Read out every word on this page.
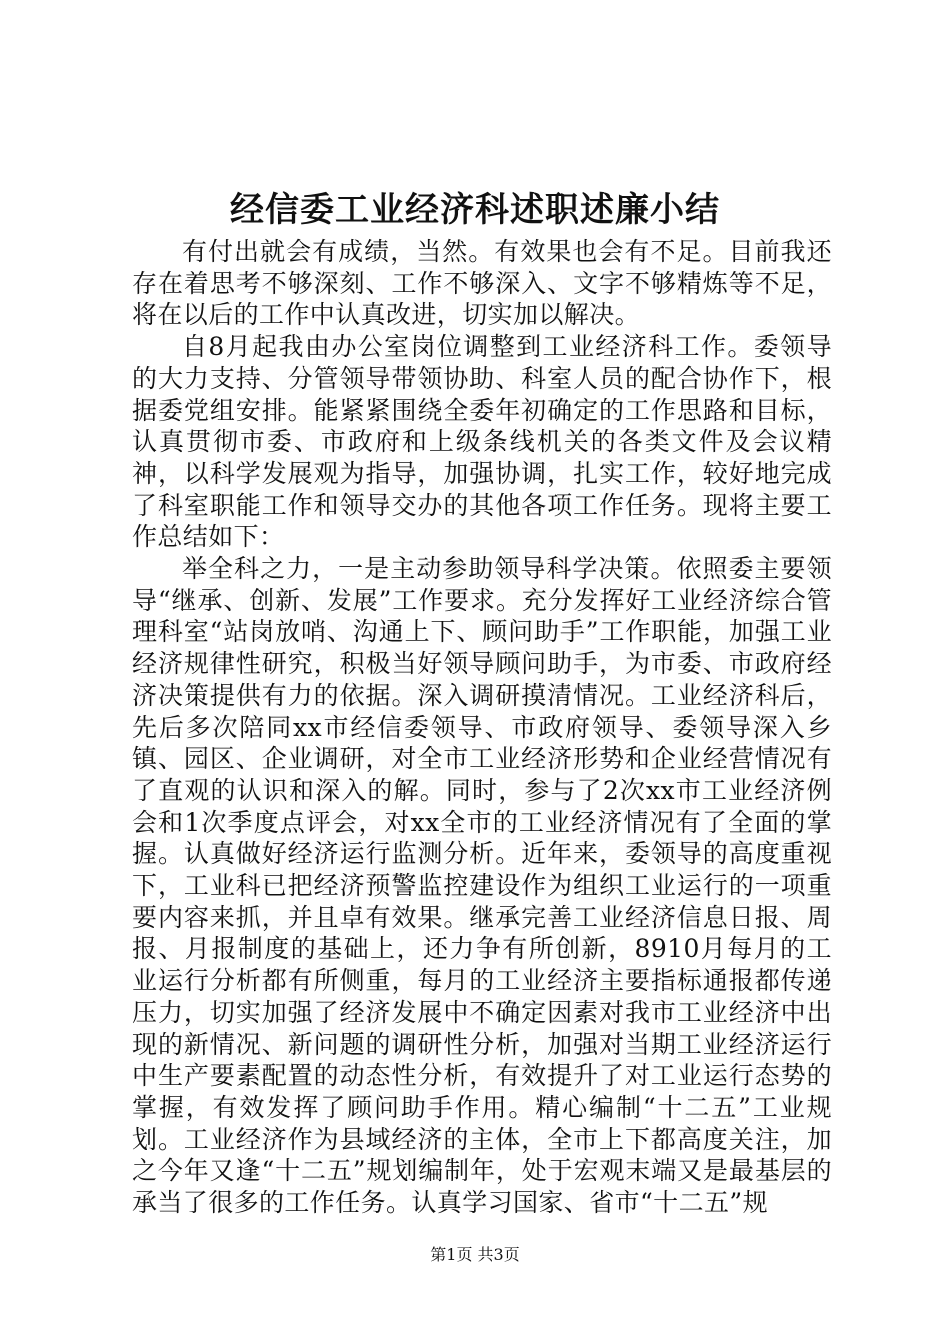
经信委工业经济科述职述廉小结

有付出就会有成绩，当然。有效果也会有不足。目前我还存在着思考不够深刻、工作不够深入、文字不够精炼等不足，将在以后的工作中认真改进，切实加以解决。

自8月起我由办公室岗位调整到工业经济科工作。委领导的大力支持、分管领导带领协助、科室人员的配合协作下，根据委党组安排。能紧紧围绕全委年初确定的工作思路和目标，认真贯彻市委、市政府和上级条线机关的各类文件及会议精神，以科学发展观为指导，加强协调，扎实工作，较好地完成了科室职能工作和领导交办的其他各项工作任务。现将主要工作总结如下：

举全科之力，一是主动参助领导科学决策。依照委主要领导“继承、创新、发展”工作要求。充分发挥好工业经济综合管理科室“站岗放哨、沟通上下、顾问助手”工作职能，加强工业经济规律性研究，积极当好领导顾问助手，为市委、市政府经济决策提供有力的依据。深入调研摸清情况。工业经济科后，先后多次陪同xx市经信委领导、市政府领导、委领导深入乡镇、园区、企业调研，对全市工业经济形势和企业经营情况有了直观的认识和深入的解。同时，参与了2次xx市工业经济例会和1次季度点评会，对xx全市的工业经济情况有了全面的掌握。认真做好经济运行监测分析。近年来，委领导的高度重视下，工业科已把经济预警监控建设作为组织工业运行的一项重要内容来抓，并且卓有效果。继承完善工业经济信息日报、周报、月报制度的基础上，还力争有所创新，8910月每月的工业运行分析都有所侧重，每月的工业经济主要指标通报都传递压力，切实加强了经济发展中不确定因素对我市工业经济中出现的新情况、新问题的调研性分析，加强对当期工业经济运行中生产要素配置的动态性分析，有效提升了对工业运行态势的掌握，有效发挥了顾问助手作用。精心编制“十二五”工业规划。工业经济作为县域经济的主体，全市上下都高度关注，加之今年又逢“十二五”规划编制年，处于宏观末端又是最基层的承当了很多的工作任务。认真学习国家、省市“十二五”规

第1页 共3页
